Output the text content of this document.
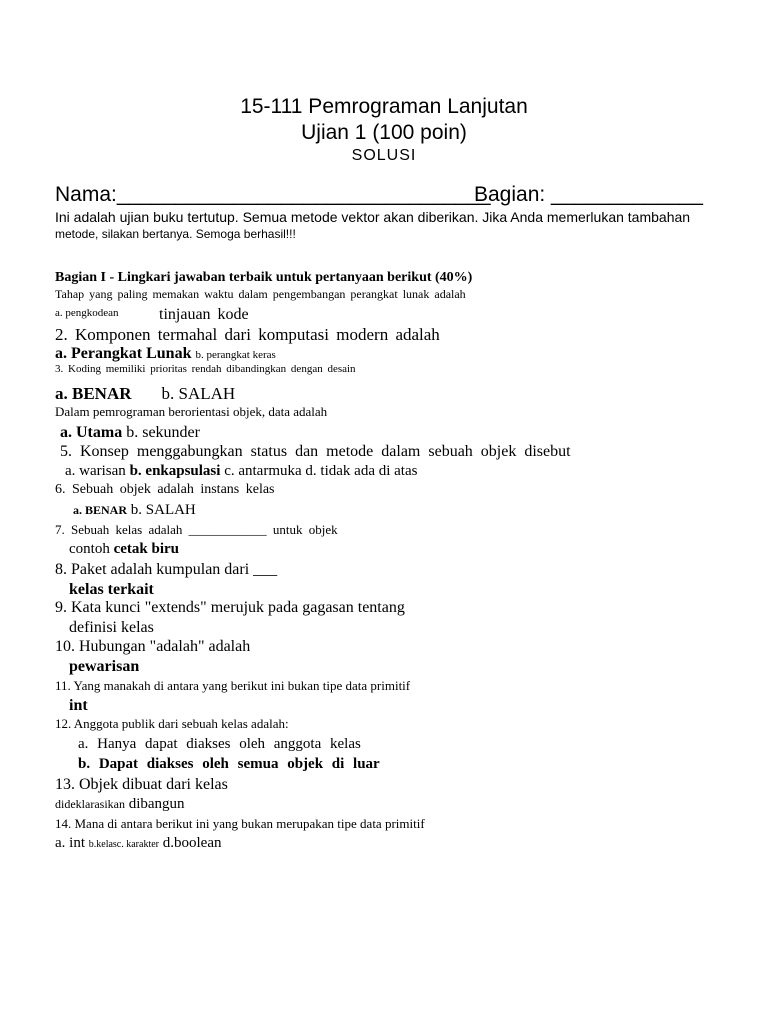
15-111 Pemrograman Lanjutan
Ujian 1 (100 poin)
SOLUSI
Nama:________________________________
Bagian: _____________
Ini adalah ujian buku tertutup. Semua metode vektor akan diberikan. Jika Anda memerlukan tambahan
metode, silakan bertanya. Semoga berhasil!!!
Bagian I - Lingkari jawaban terbaik untuk pertanyaan berikut (40%)
Tahap yang paling memakan waktu dalam pengembangan perangkat lunak adalah
a. pengkodean	tinjauan kode
2. Komponen termahal dari komputasi modern adalah
a. Perangkat Lunak b. perangkat keras
3. Koding memiliki prioritas rendah dibandingkan dengan desain
a. BENAR b. SALAH
Dalam pemrograman berorientasi objek, data adalah
a. Utama b. sekunder
5. Konsep menggabungkan status dan metode dalam sebuah objek disebut
a. warisan b. enkapsulasi c. antarmuka d. tidak ada di atas
6. Sebuah objek adalah instans kelas
a. BENAR b. SALAH
7. Sebuah kelas adalah ____________ untuk objek
contoh cetak biru
8. Paket adalah kumpulan dari ___
kelas terkait
9. Kata kunci "extends" merujuk pada gagasan tentang
definisi kelas
10. Hubungan "adalah" adalah
pewarisan
11. Yang manakah di antara yang berikut ini bukan tipe data primitif
int
12. Anggota publik dari sebuah kelas adalah:
a. Hanya dapat diakses oleh anggota kelas
b. Dapat diakses oleh semua objek di luar
13. Objek dibuat dari kelas
dideklarasikan dibangun
14. Mana di antara berikut ini yang bukan merupakan tipe data primitif
a. int b.kelasc. karakter d.boolean
